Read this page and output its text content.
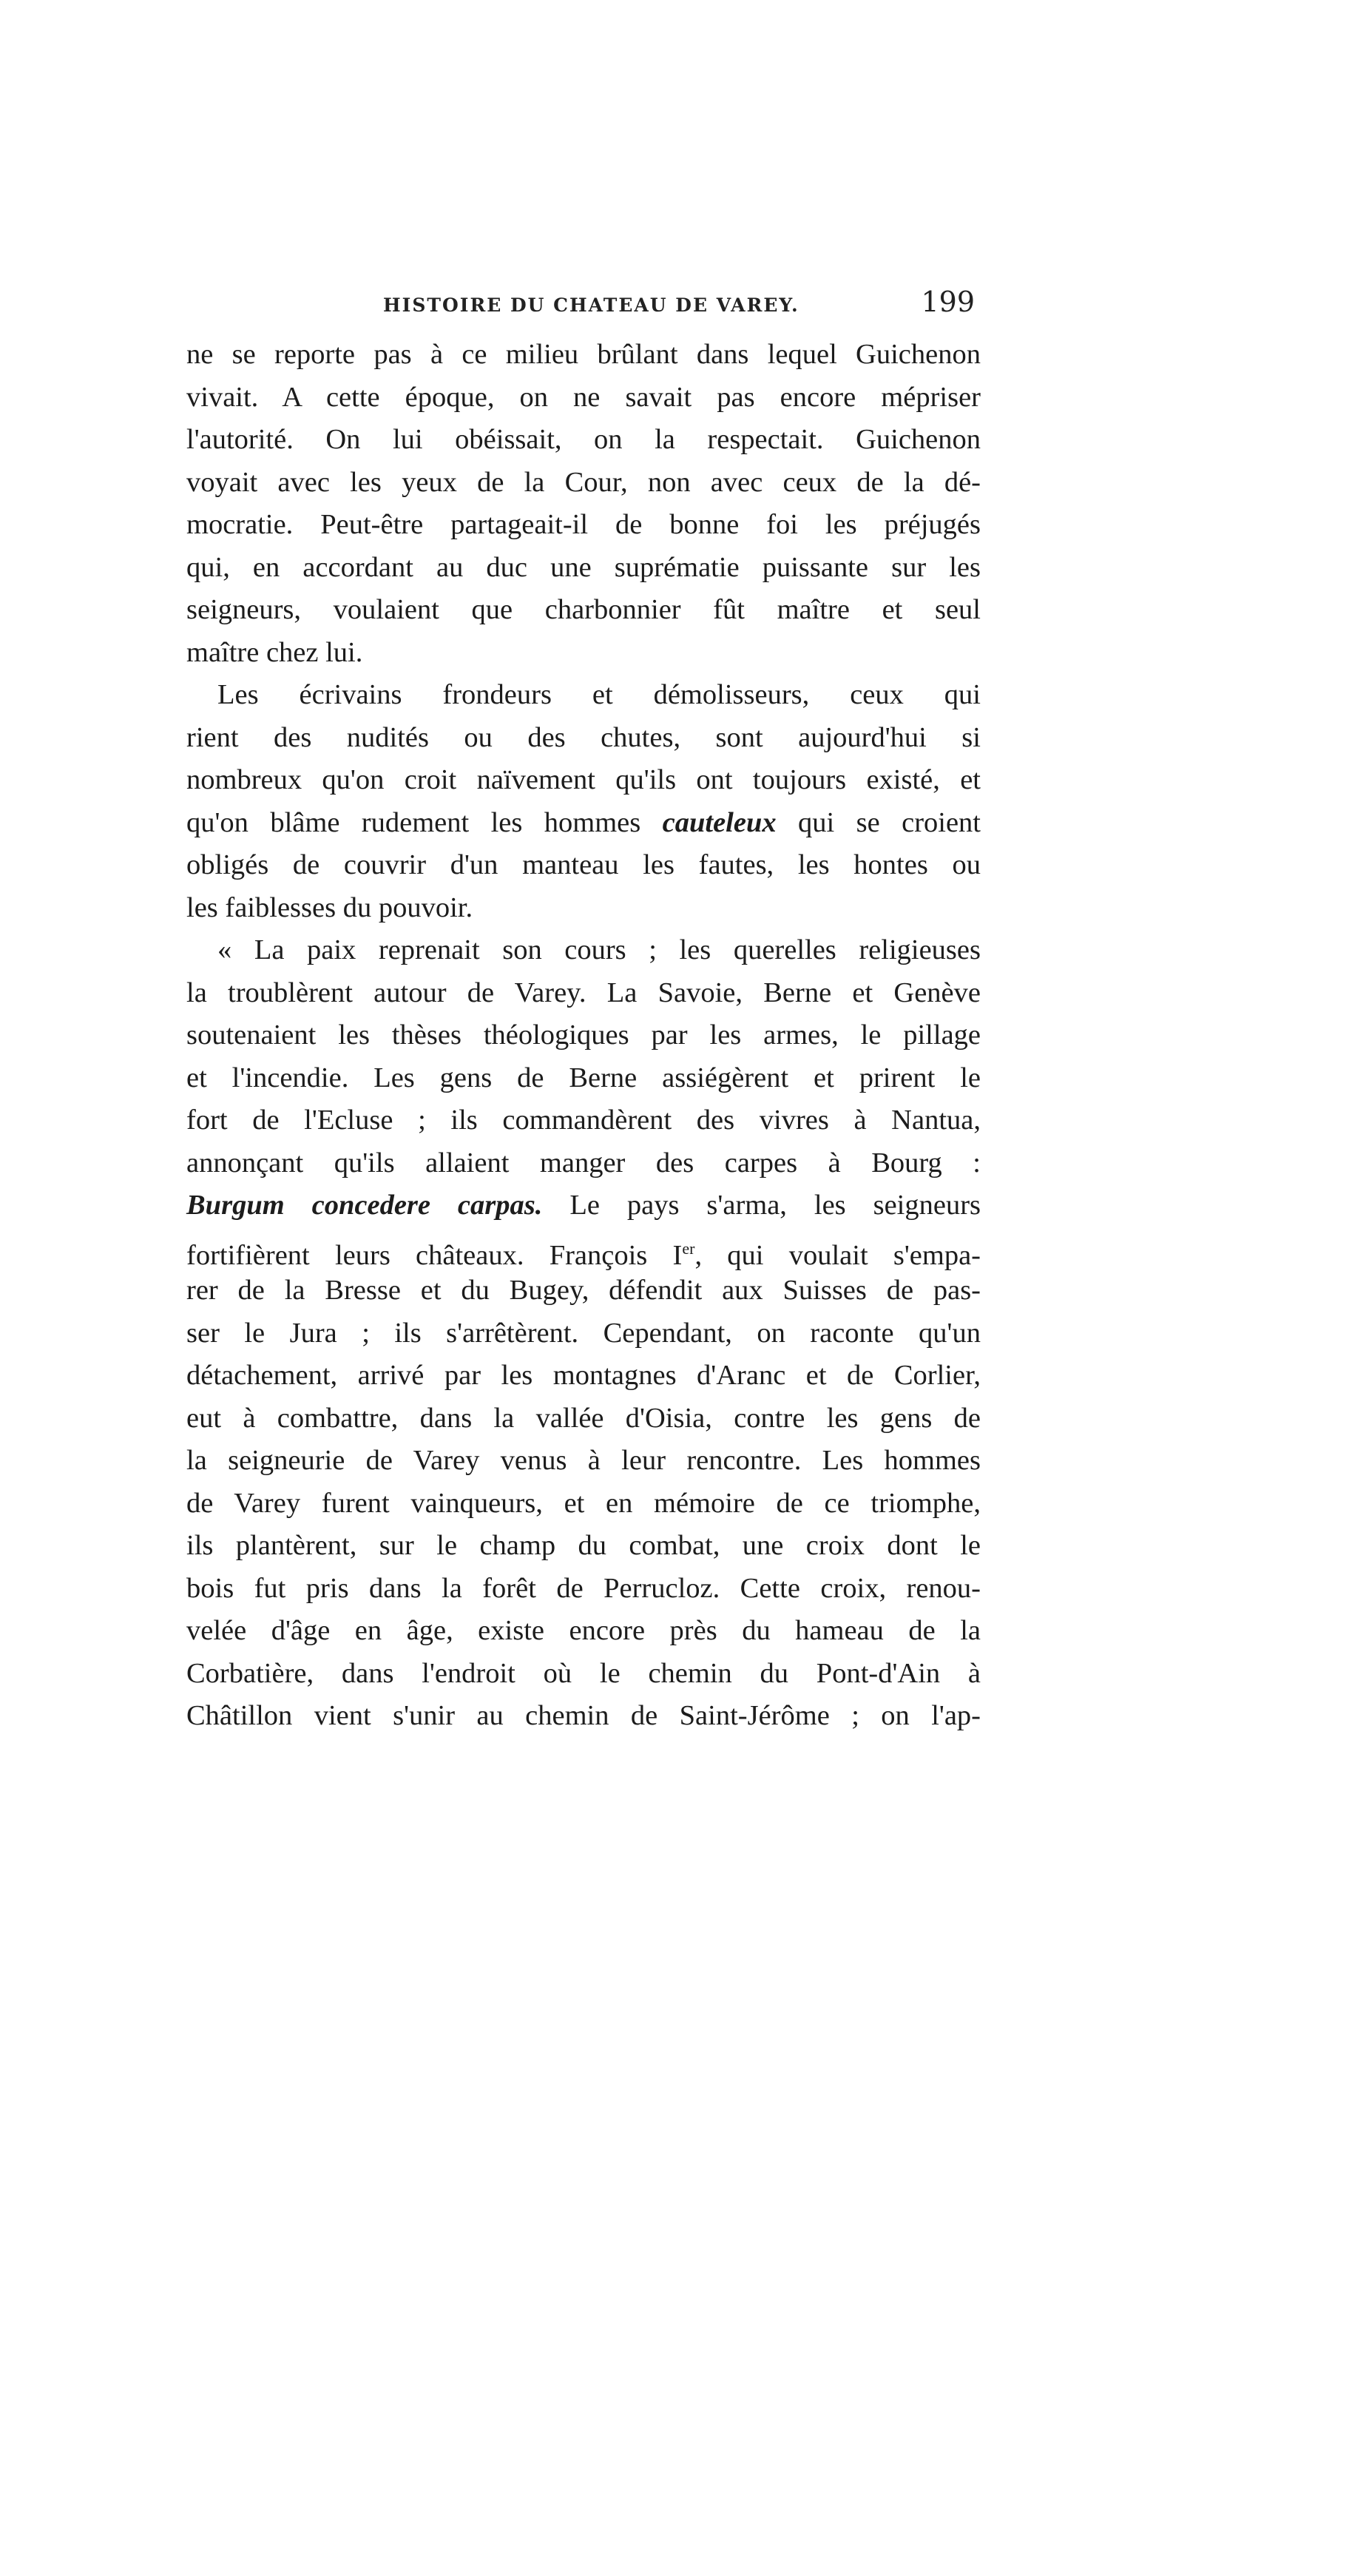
HISTOIRE DU CHATEAU DE VAREY.	199
ne se reporte pas à ce milieu brûlant dans lequel Guichenon
vivait. A cette époque, on ne savait pas encore mépriser
l'autorité. On lui obéissait, on la respectait. Guichenon
voyait avec les yeux de la Cour, non avec ceux de la dé-
mocratie. Peut-être partageait-il de bonne foi les préjugés
qui, en accordant au duc une suprématie puissante sur les
seigneurs, voulaient que charbonnier fût maître et seul
maître chez lui.
Les écrivains frondeurs et démolisseurs, ceux qui
rient des nudités ou des chutes, sont aujourd'hui si
nombreux qu'on croit naïvement qu'ils ont toujours existé, et
qu'on blâme rudement les hommes cauteleux qui se croient
obligés de couvrir d'un manteau les fautes, les hontes ou
les faiblesses du pouvoir.
« La paix reprenait son cours ; les querelles religieuses
la troublèrent autour de Varey. La Savoie, Berne et Genève
soutenaient les thèses théologiques par les armes, le pillage
et l'incendie. Les gens de Berne assiégèrent et prirent le
fort de l'Ecluse ; ils commandèrent des vivres à Nantua,
annonçant qu'ils allaient manger des carpes à Bourg :
Burgum concedere carpas. Le pays s'arma, les seigneurs
fortifièrent leurs châteaux. François Ier, qui voulait s'empa-
rer de la Bresse et du Bugey, défendit aux Suisses de pas-
ser le Jura ; ils s'arrêtèrent. Cependant, on raconte qu'un
détachement, arrivé par les montagnes d'Aranc et de Corlier,
eut à combattre, dans la vallée d'Oisia, contre les gens de
la seigneurie de Varey venus à leur rencontre. Les hommes
de Varey furent vainqueurs, et en mémoire de ce triomphe,
ils plantèrent, sur le champ du combat, une croix dont le
bois fut pris dans la forêt de Perrucloz. Cette croix, renou-
velée d'âge en âge, existe encore près du hameau de la
Corbatière, dans l'endroit où le chemin du Pont-d'Ain à
Châtillon vient s'unir au chemin de Saint-Jérôme ; on l'ap-
